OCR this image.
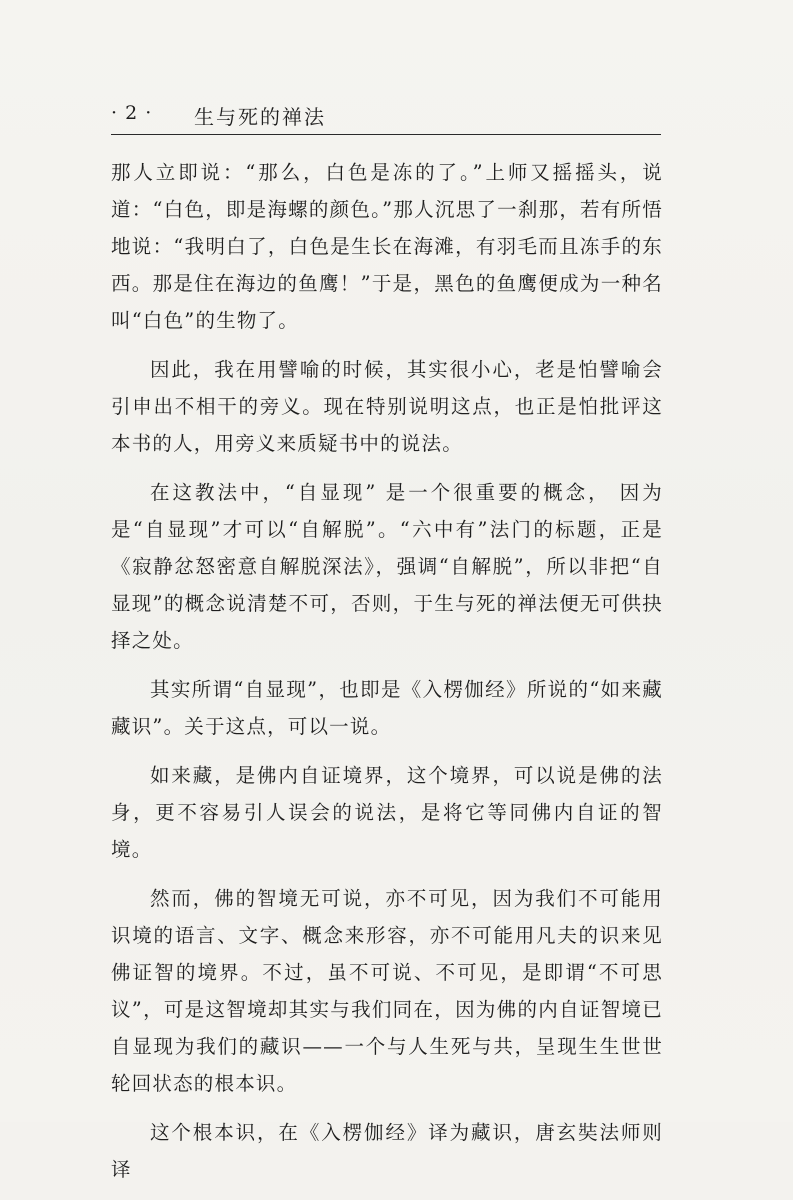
· 2 · 生与死的禅法

那人立即说：“那么，白色是冻的了。”上师又摇摇头，说道：“白色，即是海螺的颜色。”那人沉思了一刹那，若有所悟地说：“我明白了，白色是生长在海滩，有羽毛而且冻手的东西。那是住在海边的鱼鹰！”于是，黑色的鱼鹰便成为一种名叫“白色”的生物了。

因此，我在用譬喻的时候，其实很小心，老是怕譬喻会引申出不相干的旁义。现在特别说明这点，也正是怕批评这本书的人，用旁义来质疑书中的说法。

在这教法中，“自显现” 是一个很重要的概念， 因为是“自显现”才可以“自解脱”。“六中有”法门的标题，正是《寂静忿怒密意自解脱深法》，强调“自解脱”，所以非把“自显现”的概念说清楚不可，否则，于生与死的禅法便无可供抉择之处。

其实所谓“自显现”，也即是《入楞伽经》所说的“如来藏藏识”。关于这点，可以一说。

如来藏，是佛内自证境界，这个境界，可以说是佛的法身，更不容易引人误会的说法，是将它等同佛内自证的智境。

然而，佛的智境无可说，亦不可见，因为我们不可能用识境的语言、文字、概念来形容，亦不可能用凡夫的识来见佛证智的境界。不过，虽不可说、不可见，是即谓“不可思议”，可是这智境却其实与我们同在，因为佛的内自证智境已自显现为我们的藏识——一个与人生死与共，呈现生生世世轮回状态的根本识。

这个根本识，在《入楞伽经》译为藏识，唐玄奘法师则译
